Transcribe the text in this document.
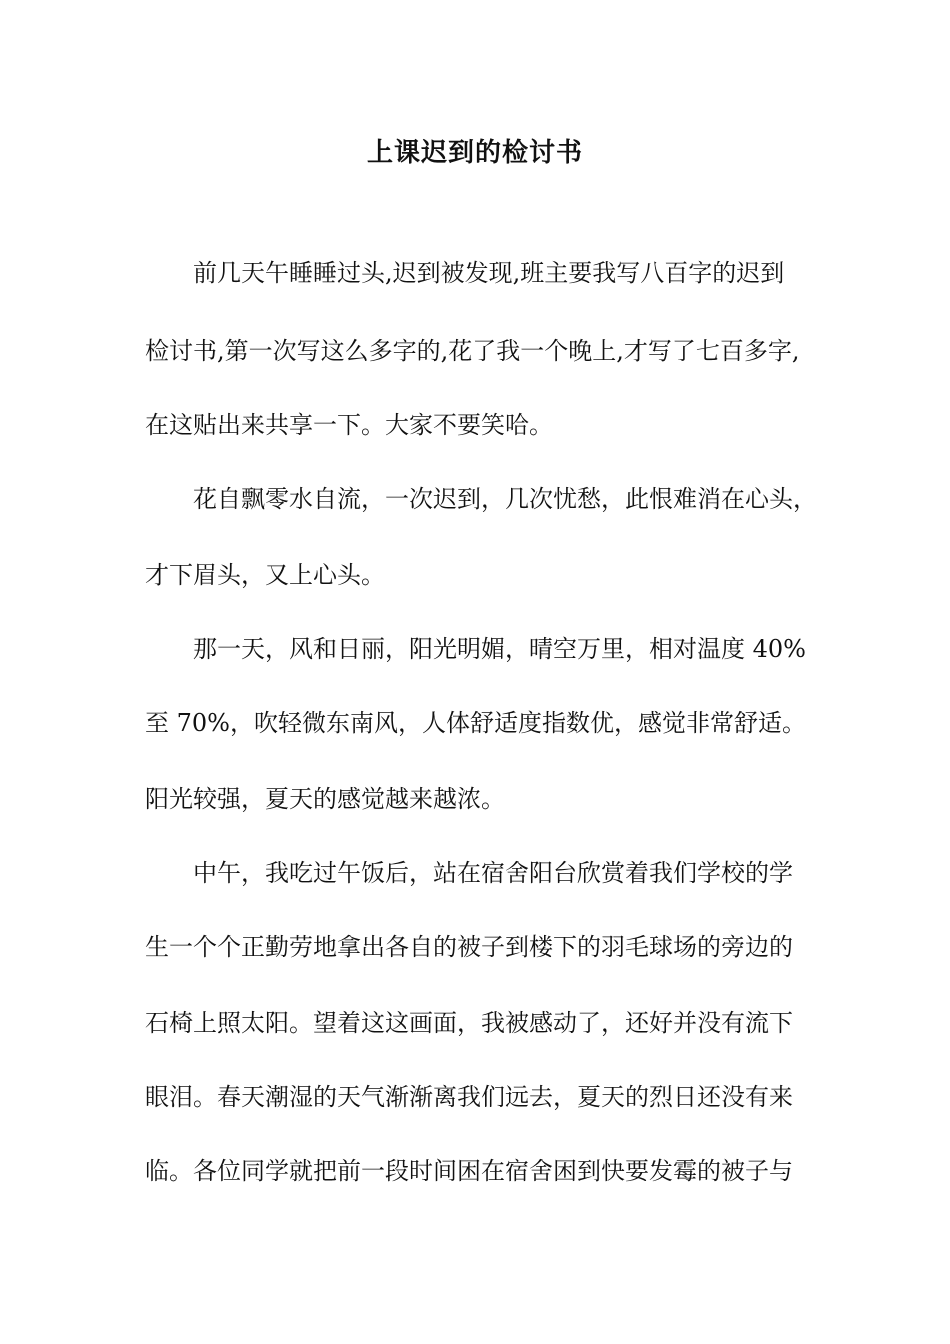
上课迟到的检讨书
前几天午睡睡过头,迟到被发现,班主要我写八百字的迟到
检讨书,第一次写这么多字的,花了我一个晚上,才写了七百多字,
在这贴出来共享一下。大家不要笑哈。
花自飘零水自流，一次迟到，几次忧愁，此恨难消在心头，
才下眉头，又上心头。
那一天，风和日丽，阳光明媚，晴空万里，相对温度 40%
至 70%，吹轻微东南风，人体舒适度指数优，感觉非常舒适。
阳光较强，夏天的感觉越来越浓。
中午，我吃过午饭后，站在宿舍阳台欣赏着我们学校的学
生一个个正勤劳地拿出各自的被子到楼下的羽毛球场的旁边的
石椅上照太阳。望着这这画面，我被感动了，还好并没有流下
眼泪。春天潮湿的天气渐渐离我们远去，夏天的烈日还没有来
临。各位同学就把前一段时间困在宿舍困到快要发霉的被子与
